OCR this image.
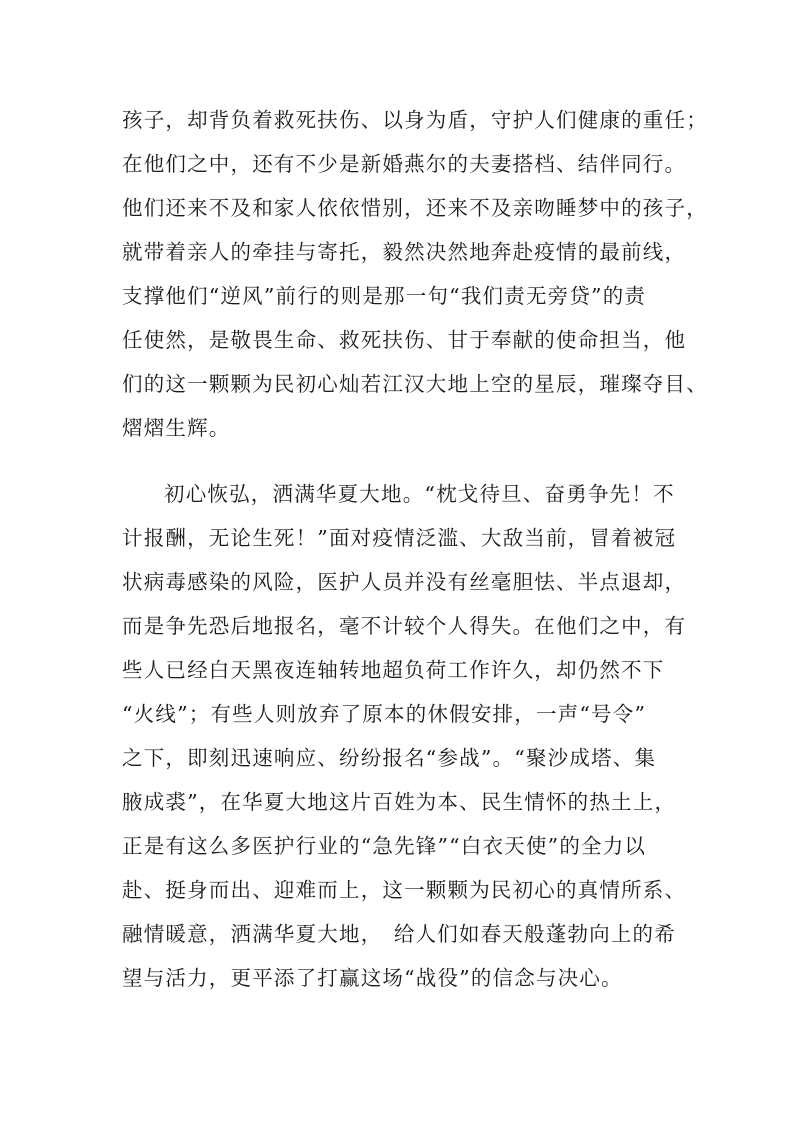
孩子，却背负着救死扶伤、以身为盾，守护人们健康的重任；
在他们之中，还有不少是新婚燕尔的夫妻搭档、结伴同行。
他们还来不及和家人依依惜别，还来不及亲吻睡梦中的孩子，
就带着亲人的牵挂与寄托，毅然决然地奔赴疫情的最前线，
支撑他们“逆风”前行的则是那一句“我们责无旁贷”的责
任使然，是敬畏生命、救死扶伤、甘于奉献的使命担当，他
们的这一颗颗为民初心灿若江汉大地上空的星辰，璀璨夺目、
熠熠生辉。
初心恢弘，洒满华夏大地。“枕戈待旦、奋勇争先！不
计报酬，无论生死！”面对疫情泛滥、大敌当前，冒着被冠
状病毒感染的风险，医护人员并没有丝毫胆怯、半点退却，
而是争先恐后地报名，毫不计较个人得失。在他们之中，有
些人已经白天黑夜连轴转地超负荷工作许久，却仍然不下
“火线”；有些人则放弃了原本的休假安排，一声“号令”
之下，即刻迅速响应、纷纷报名“参战”。“聚沙成塔、集
腋成裘”，在华夏大地这片百姓为本、民生情怀的热土上，
正是有这么多医护行业的“急先锋”“白衣天使”的全力以
赴、挺身而出、迎难而上，这一颗颗为民初心的真情所系、
融情暖意，洒满华夏大地，　给人们如春天般蓬勃向上的希
望与活力，更平添了打赢这场“战役”的信念与决心。
